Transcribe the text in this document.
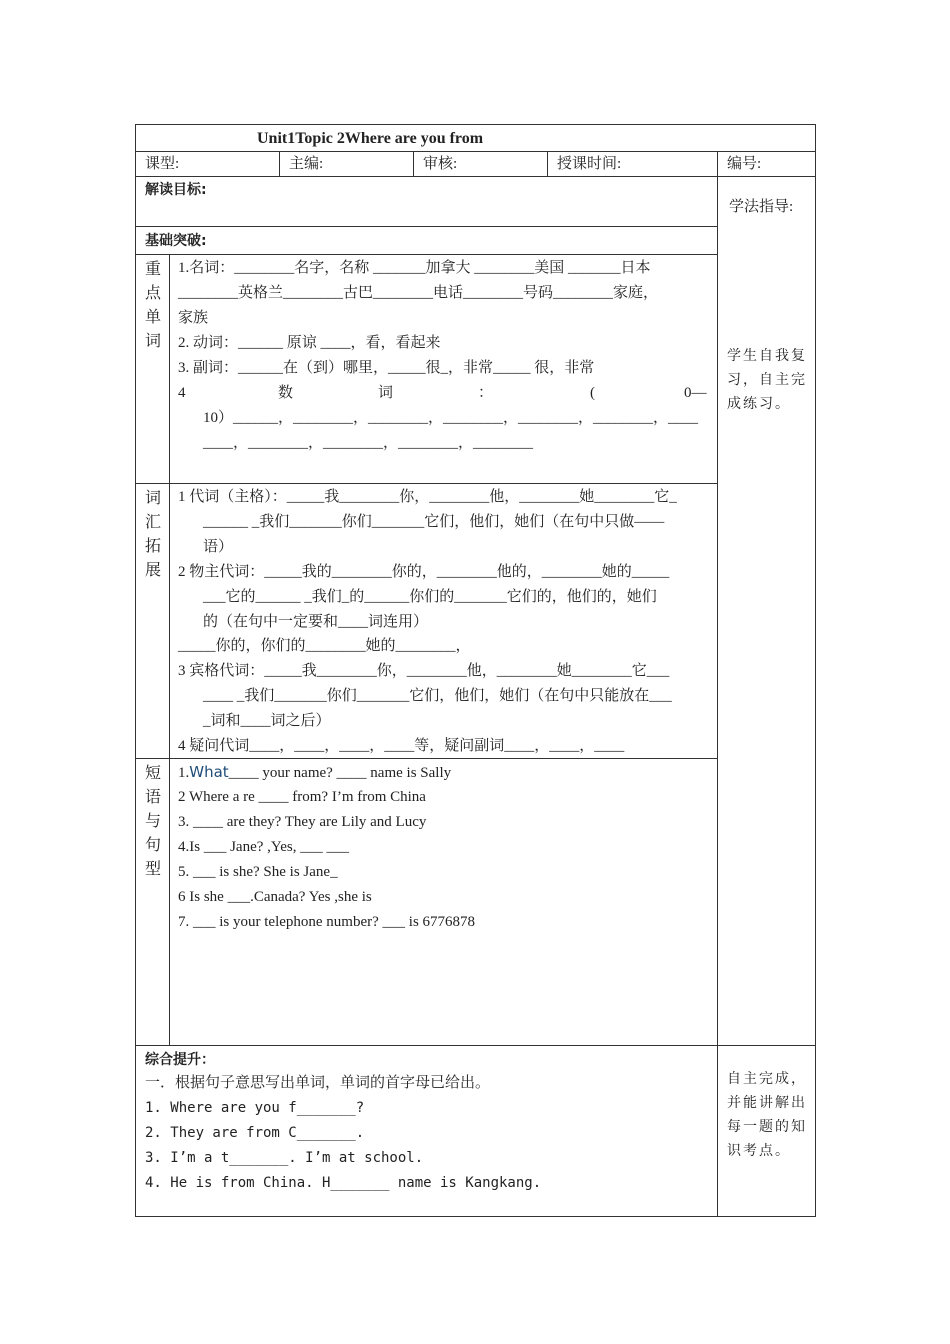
Unit1Topic 2Where are you from
课型:	主编:	审核:	授课时间:	编号:
解读目标:
学法指导:
基础突破:
重点单词
1.名词：________名字，名称 _______加拿大 ________美国 _______日本
________英格兰________古巴________电话________号码________家庭，
家族
2. 动词：______ 原谅 ____，看，看起来
3. 副词：______在（到）哪里，_____很_，非常_____ 很，非常
4	数	词	：	(	0—
10）______，________，________，________，________，________，____
____，________，________，________，________
学生自我复习，自主完成练习。
词汇拓展
1 代词（主格）：_____我________你，________他，________她________它_
______ _我们_______你们_______它们，他们，她们（在句中只做——
语）
2 物主代词：_____我的________你的，________他的，________她的_____
___它的______ _我们_的______你们的_______它们的，他们的，她们
的（在句中一定要和____词连用）
_____你的，你们的________她的________，
3 宾格代词：_____我________你，________他，________她________它___
____ _我们_______你们_______它们，他们，她们（在句中只能放在___
_词和____词之后）
4 疑问代词____，____，____，____等，疑问副词____，____，____
短语与句型
1.What____ your name? ____ name is Sally
2 Where a re ____ from? I’m from China
3. ____ are they? They are Lily and Lucy
4.Is ___ Jane? ,Yes, ___ ___
5. ___ is she? She is Jane_
6 Is she ___.Canada? Yes ,she is
7. ___ is your telephone number? ___ is 6776878
综合提升：
一．根据句子意思写出单词，单词的首字母已给出。
1. Where are you f_______?
2. They are from C_______.
3. I’m a t_______. I’m at school.
4. He is from China. H_______ name is Kangkang.
自主完成，并能讲解出每一题的知识考点。
